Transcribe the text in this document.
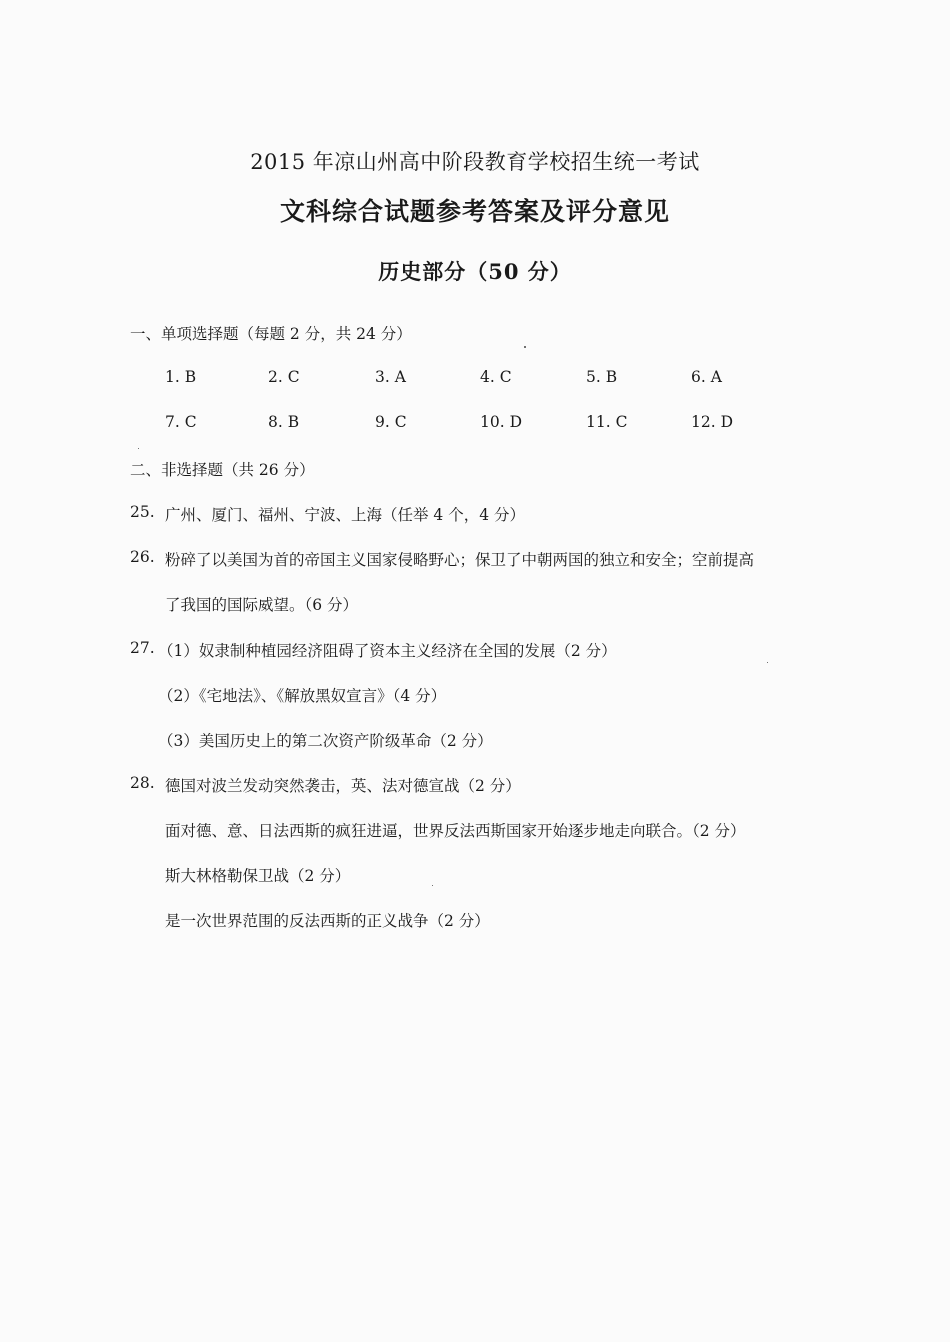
2015 年凉山州高中阶段教育学校招生统一考试
文科综合试题参考答案及评分意见
历史部分（50 分）
一、单项选择题（每题 2 分，共 24 分）
1. B	2. C	3. A	4. C	5. B	6. A
7. C	8. B	9. C	10. D	11. C	12. D
二、非选择题（共 26 分）
25. 广州、厦门、福州、宁波、上海（任举 4 个，4 分）
26. 粉碎了以美国为首的帝国主义国家侵略野心；保卫了中朝两国的独立和安全；空前提高
了我国的国际威望。（6 分）
27. （1）奴隶制种植园经济阻碍了资本主义经济在全国的发展（2 分）
（2）《宅地法》、《解放黑奴宣言》（4 分）
（3）美国历史上的第二次资产阶级革命（2 分）
28. 德国对波兰发动突然袭击，英、法对德宣战（2 分）
面对德、意、日法西斯的疯狂进逼，世界反法西斯国家开始逐步地走向联合。（2 分）
斯大林格勒保卫战（2 分）
是一次世界范围的反法西斯的正义战争（2 分）
